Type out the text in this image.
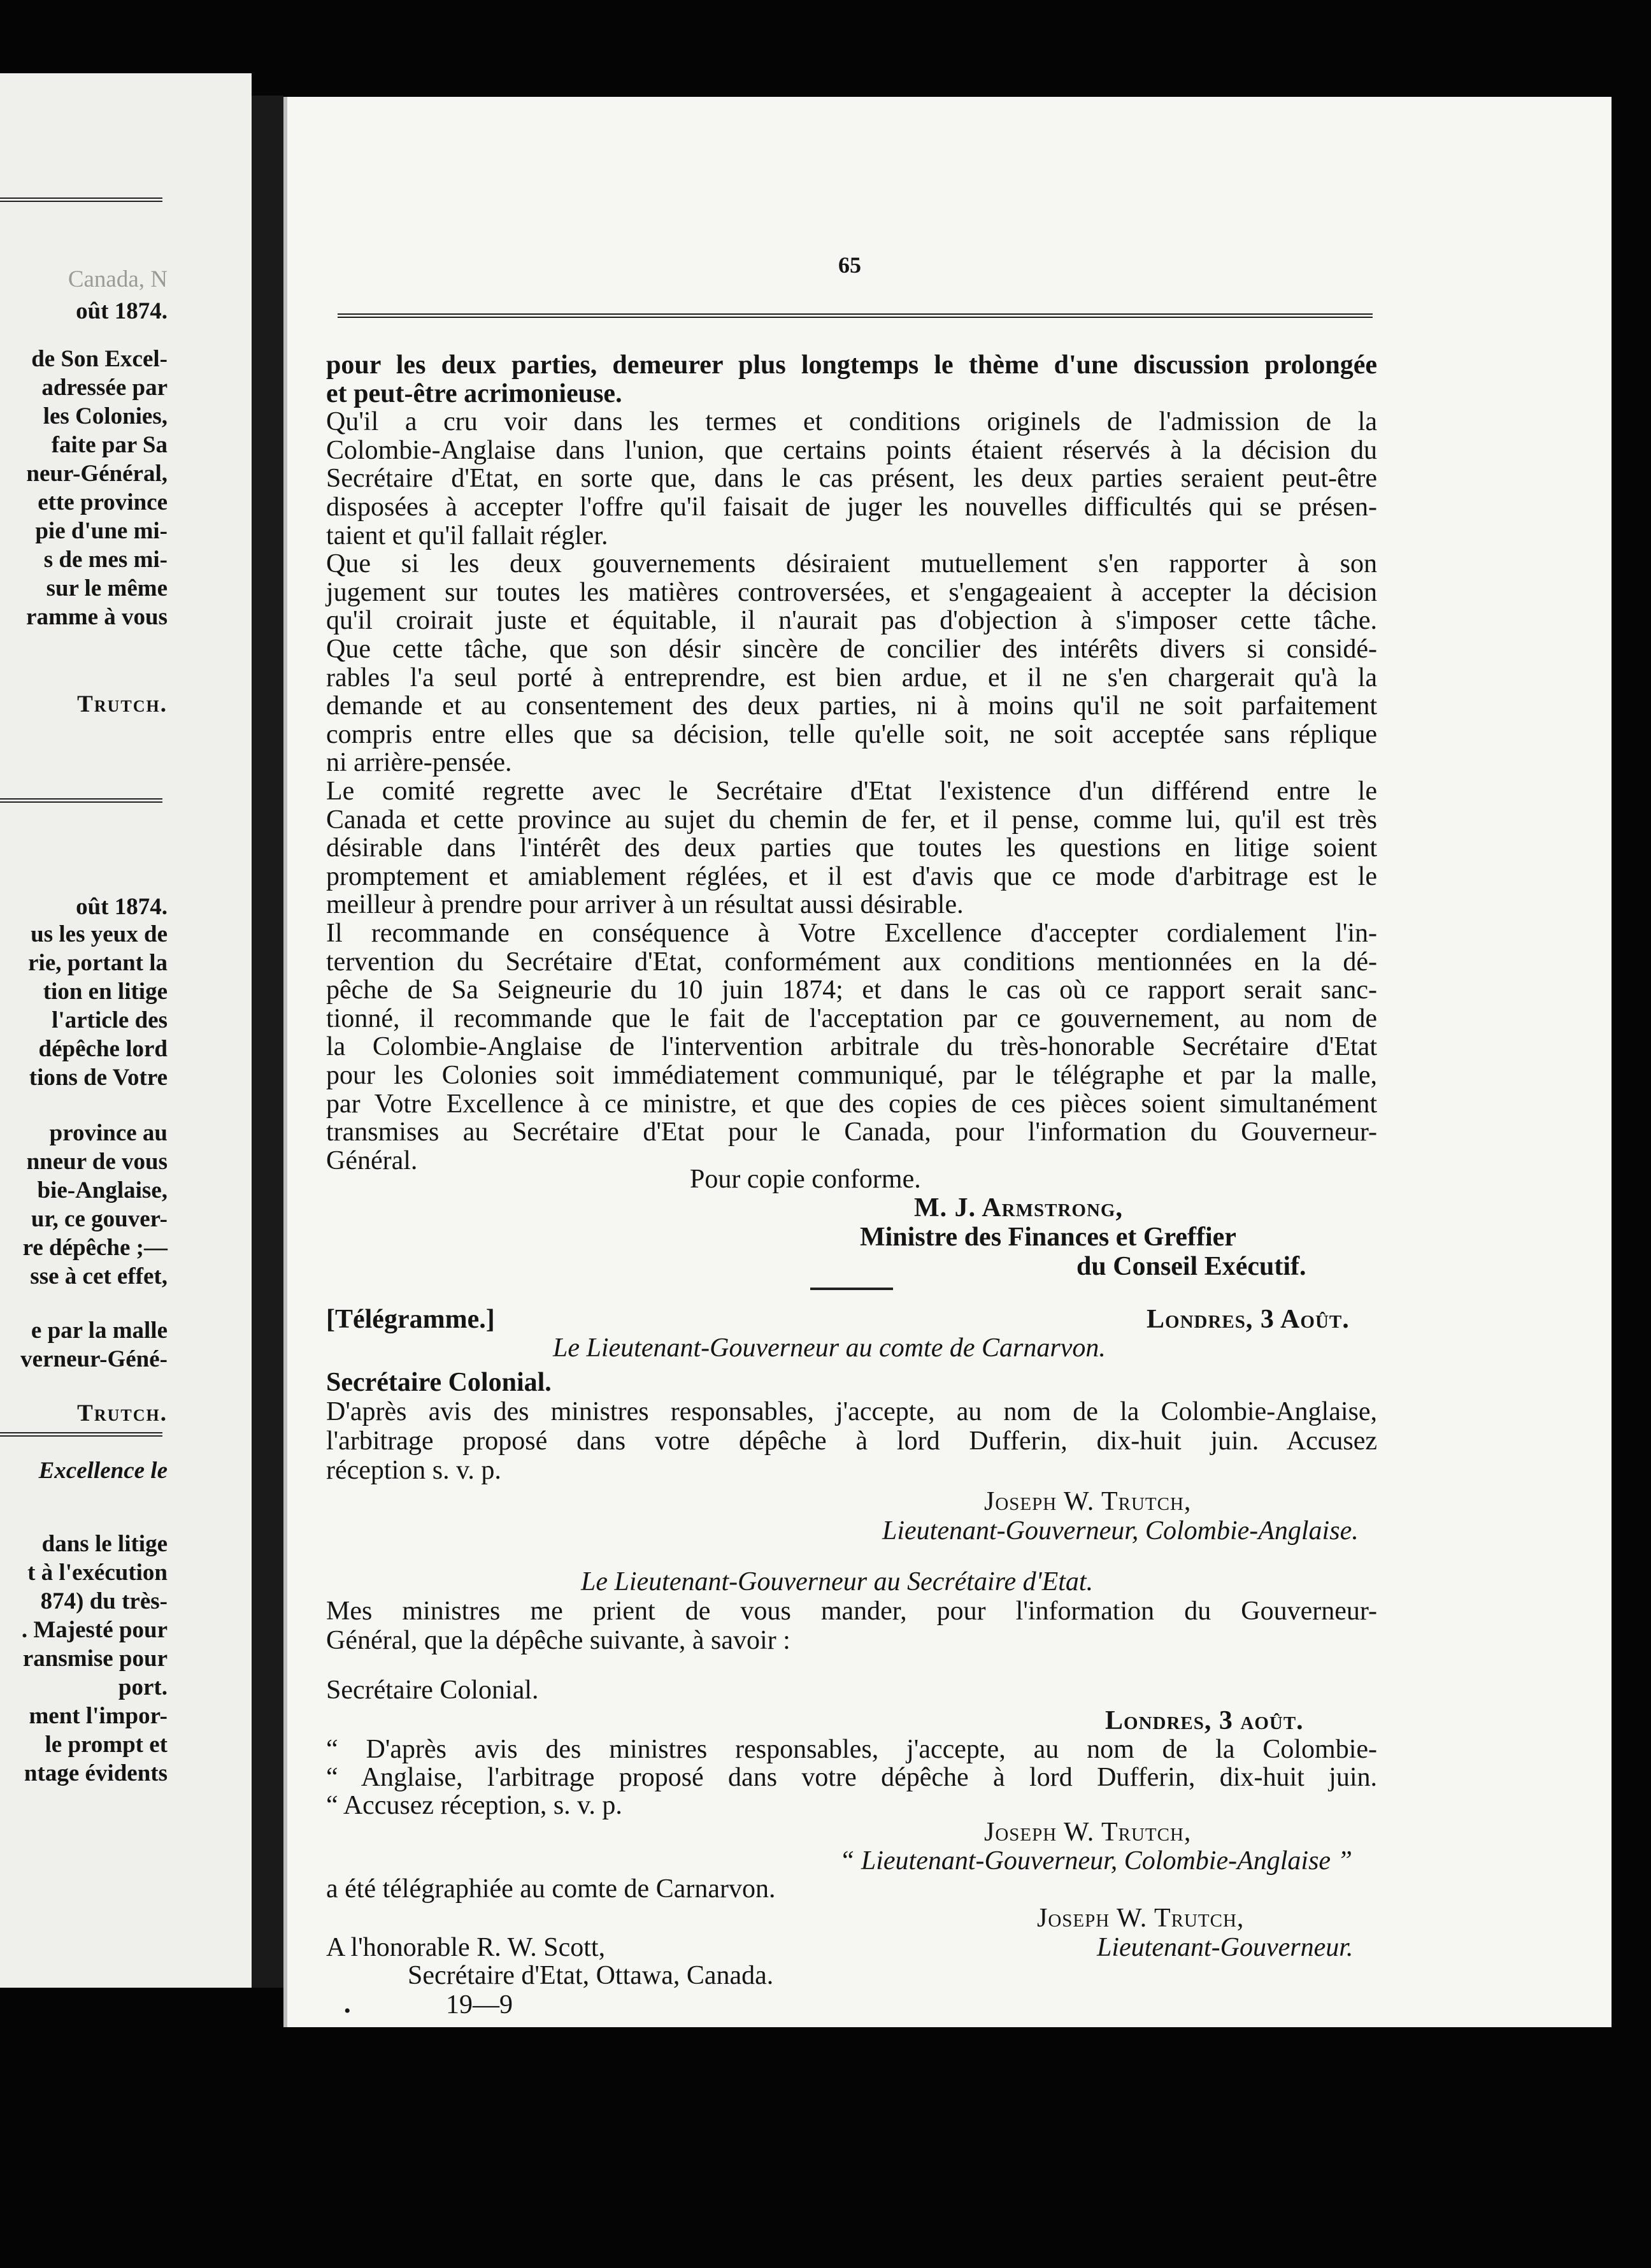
Canada, N
oût 1874.
de Son Excel-
adressée par
les Colonies,
faite par Sa
neur-Général,
ette province
pie d'une mi-
s de mes mi-
sur le même
ramme à vous
Trutch.
oût 1874.
us les yeux de
rie, portant la
tion en litige
l'article des
dépêche lord
tions de Votre
province au
nneur de vous
bie-Anglaise,
ur, ce gouver-
re dépêche ;—
sse à cet effet,
e par la malle
verneur-Géné-
Trutch.
Excellence le
dans le litige
t à l'exécution
874) du très-
. Majesté pour
ransmise pour
port.
ment l'impor-
le prompt et
ntage évidents
65
pour les deux parties, demeurer plus longtemps le thème d'une discussion prolongée
et peut-être acrimonieuse.
Qu'il a cru voir dans les termes et conditions originels de l'admission de la
Colombie-Anglaise dans l'union, que certains points étaient réservés à la décision du
Secrétaire d'Etat, en sorte que, dans le cas présent, les deux parties seraient peut-être
disposées à accepter l'offre qu'il faisait de juger les nouvelles difficultés qui se présen-
taient et qu'il fallait régler.
Que si les deux gouvernements désiraient mutuellement s'en rapporter à son
jugement sur toutes les matières controversées, et s'engageaient à accepter la décision
qu'il croirait juste et équitable, il n'aurait pas d'objection à s'imposer cette tâche.
Que cette tâche, que son désir sincère de concilier des intérêts divers si considé-
rables l'a seul porté à entreprendre, est bien ardue, et il ne s'en chargerait qu'à la
demande et au consentement des deux parties, ni à moins qu'il ne soit parfaitement
compris entre elles que sa décision, telle qu'elle soit, ne soit acceptée sans réplique
ni arrière-pensée.
Le comité regrette avec le Secrétaire d'Etat l'existence d'un différend entre le
Canada et cette province au sujet du chemin de fer, et il pense, comme lui, qu'il est très
désirable dans l'intérêt des deux parties que toutes les questions en litige soient
promptement et amiablement réglées, et il est d'avis que ce mode d'arbitrage est le
meilleur à prendre pour arriver à un résultat aussi désirable.
Il recommande en conséquence à Votre Excellence d'accepter cordialement l'in-
tervention du Secrétaire d'Etat, conformément aux conditions mentionnées en la dé-
pêche de Sa Seigneurie du 10 juin 1874; et dans le cas où ce rapport serait sanc-
tionné, il recommande que le fait de l'acceptation par ce gouvernement, au nom de
la Colombie-Anglaise de l'intervention arbitrale du très-honorable Secrétaire d'Etat
pour les Colonies soit immédiatement communiqué, par le télégraphe et par la malle,
par Votre Excellence à ce ministre, et que des copies de ces pièces soient simultanément
transmises au Secrétaire d'Etat pour le Canada, pour l'information du Gouverneur-
Général.
Pour copie conforme.
M. J. Armstrong,
Ministre des Finances et Greffier
du Conseil Exécutif.
[Télégramme.]	Londres, 3 Août.
Le Lieutenant-Gouverneur au comte de Carnarvon.
Secrétaire Colonial.
D'après avis des ministres responsables, j'accepte, au nom de la Colombie-Anglaise,
l'arbitrage proposé dans votre dépêche à lord Dufferin, dix-huit juin. Accusez
réception s. v. p.
Joseph W. Trutch,
Lieutenant-Gouverneur, Colombie-Anglaise.
Le Lieutenant-Gouverneur au Secrétaire d'Etat.
Mes ministres me prient de vous mander, pour l'information du Gouverneur-
Général, que la dépêche suivante, à savoir :
Secrétaire Colonial.
Londres, 3 août.
“ D'après avis des ministres responsables, j'accepte, au nom de la Colombie-
“ Anglaise, l'arbitrage proposé dans votre dépêche à lord Dufferin, dix-huit juin.
“ Accusez réception, s. v. p.
Joseph W. Trutch,
“ Lieutenant-Gouverneur, Colombie-Anglaise ”
a été télégraphiée au comte de Carnarvon.
Joseph W. Trutch,
Lieutenant-Gouverneur.
A l'honorable R. W. Scott,
Secrétaire d'Etat, Ottawa, Canada.
19—9
•
